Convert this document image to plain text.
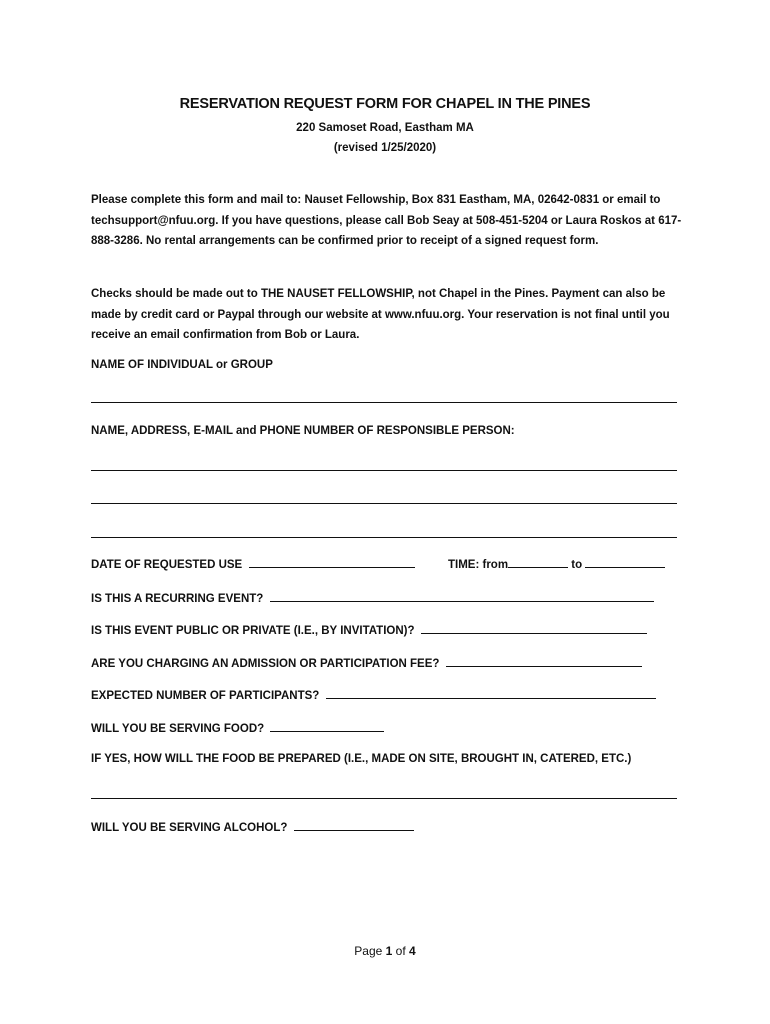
RESERVATION REQUEST FORM FOR CHAPEL IN THE PINES
220 Samoset Road, Eastham MA
(revised 1/25/2020)
Please complete this form and mail to: Nauset Fellowship, Box 831 Eastham, MA, 02642-0831 or email to techsupport@nfuu.org. If you have questions, please call Bob Seay at 508-451-5204 or Laura Roskos at 617-888-3286. No rental arrangements can be confirmed prior to receipt of a signed request form.
Checks should be made out to THE NAUSET FELLOWSHIP, not Chapel in the Pines. Payment can also be made by credit card or Paypal through our website at www.nfuu.org. Your reservation is not final until you receive an email confirmation from Bob or Laura.
NAME OF INDIVIDUAL or GROUP
NAME, ADDRESS, E-MAIL and PHONE NUMBER OF RESPONSIBLE PERSON:
DATE OF REQUESTED USE	TIME: from	to
IS THIS A RECURRING EVENT?
IS THIS EVENT PUBLIC OR PRIVATE (I.E., BY INVITATION)?
ARE YOU CHARGING AN ADMISSION OR PARTICIPATION FEE?
EXPECTED NUMBER OF PARTICIPANTS?
WILL YOU BE SERVING FOOD?
IF YES, HOW WILL THE FOOD BE PREPARED (I.E., MADE ON SITE, BROUGHT IN, CATERED, ETC.)
WILL YOU BE SERVING ALCOHOL?
Page 1 of 4
